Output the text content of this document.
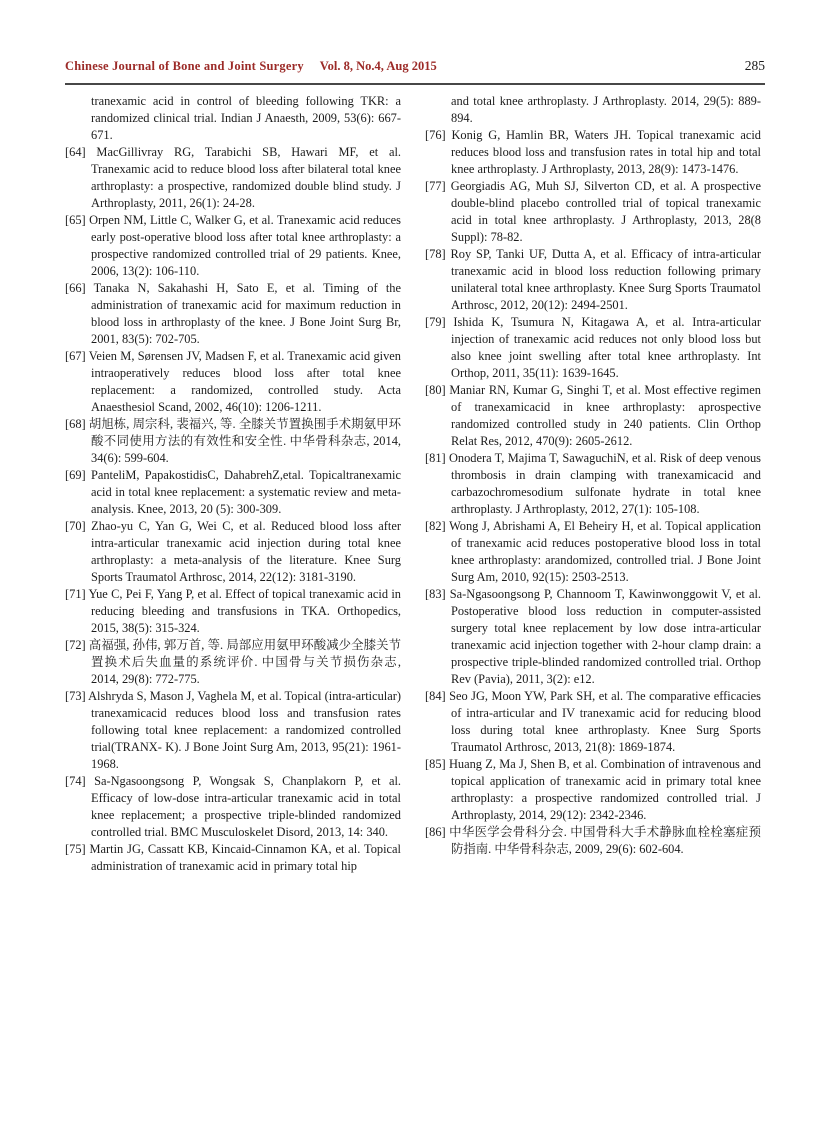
Chinese Journal of Bone and Joint Surgery Vol. 8, No.4, Aug 2015	285
tranexamic acid in control of bleeding following TKR: a randomized clinical trial. Indian J Anaesth, 2009, 53(6): 667-671.
[64] MacGillivray RG, Tarabichi SB, Hawari MF, et al. Tranexamic acid to reduce blood loss after bilateral total knee arthroplasty: a prospective, randomized double blind study. J Arthroplasty, 2011, 26(1): 24-28.
[65] Orpen NM, Little C, Walker G, et al. Tranexamic acid reduces early post-operative blood loss after total knee arthroplasty: a prospective randomized controlled trial of 29 patients. Knee, 2006, 13(2): 106-110.
[66] Tanaka N, Sakahashi H, Sato E, et al. Timing of the administration of tranexamic acid for maximum reduction in blood loss in arthroplasty of the knee. J Bone Joint Surg Br, 2001, 83(5): 702-705.
[67] Veien M, Sørensen JV, Madsen F, et al. Tranexamic acid given intraoperatively reduces blood loss after total knee replacement: a randomized, controlled study. Acta Anaesthesiol Scand, 2002, 46(10): 1206-1211.
[68] 胡旭栋, 周宗科, 裴福兴, 等. 全膝关节置换围手术期氨甲环酸不同使用方法的有效性和安全性. 中华骨科杂志, 2014, 34(6): 599-604.
[69] PanteliM, PapakostidisC, DahabrehZ,etal. Topicaltranexamic acid in total knee replacement: a systematic review and meta-analysis. Knee, 2013, 20 (5): 300-309.
[70] Zhao-yu C, Yan G, Wei C, et al. Reduced blood loss after intra-articular tranexamic acid injection during total knee arthroplasty: a meta-analysis of the literature. Knee Surg Sports Traumatol Arthrosc, 2014, 22(12): 3181-3190.
[71] Yue C, Pei F, Yang P, et al. Effect of topical tranexamic acid in reducing bleeding and transfusions in TKA. Orthopedics, 2015, 38(5): 315-324.
[72] 高福强, 孙伟, 郭万首, 等. 局部应用氨甲环酸减少全膝关节置换术后失血量的系统评价. 中国骨与关节损伤杂志, 2014, 29(8): 772-775.
[73] Alshryda S, Mason J, Vaghela M, et al. Topical (intra-articular) tranexamicacid reduces blood loss and transfusion rates following total knee replacement: a randomized controlled trial(TRANX- K). J Bone Joint Surg Am, 2013, 95(21): 1961-1968.
[74] Sa-Ngasoongsong P, Wongsak S, Chanplakorn P, et al. Efficacy of low-dose intra-articular tranexamic acid in total knee replacement; a prospective triple-blinded randomized controlled trial. BMC Musculoskelet Disord, 2013, 14: 340.
[75] Martin JG, Cassatt KB, Kincaid-Cinnamon KA, et al. Topical administration of tranexamic acid in primary total hip
and total knee arthroplasty. J Arthroplasty. 2014, 29(5): 889-894.
[76] Konig G, Hamlin BR, Waters JH. Topical tranexamic acid reduces blood loss and transfusion rates in total hip and total knee arthroplasty. J Arthroplasty, 2013, 28(9): 1473-1476.
[77] Georgiadis AG, Muh SJ, Silverton CD, et al. A prospective double-blind placebo controlled trial of topical tranexamic acid in total knee arthroplasty. J Arthroplasty, 2013, 28(8 Suppl): 78-82.
[78] Roy SP, Tanki UF, Dutta A, et al. Efficacy of intra-articular tranexamic acid in blood loss reduction following primary unilateral total knee arthroplasty. Knee Surg Sports Traumatol Arthrosc, 2012, 20(12): 2494-2501.
[79] Ishida K, Tsumura N, Kitagawa A, et al. Intra-articular injection of tranexamic acid reduces not only blood loss but also knee joint swelling after total knee arthroplasty. Int Orthop, 2011, 35(11): 1639-1645.
[80] Maniar RN, Kumar G, Singhi T, et al. Most effective regimen of tranexamicacid in knee arthroplasty: aprospective randomized controlled study in 240 patients. Clin Orthop Relat Res, 2012, 470(9): 2605-2612.
[81] Onodera T, Majima T, SawaguchiN, et al. Risk of deep venous thrombosis in drain clamping with tranexamicacid and carbazochromesodium sulfonate hydrate in total knee arthroplasty. J Arthroplasty, 2012, 27(1): 105-108.
[82] Wong J, Abrishami A, El Beheiry H, et al. Topical application of tranexamic acid reduces postoperative blood loss in total knee arthroplasty: arandomized, controlled trial. J Bone Joint Surg Am, 2010, 92(15): 2503-2513.
[83] Sa-Ngasoongsong P, Channoom T, Kawinwonggowit V, et al. Postoperative blood loss reduction in computer-assisted surgery total knee replacement by low dose intra-articular tranexamic acid injection together with 2-hour clamp drain: a prospective triple-blinded randomized controlled trial. Orthop Rev (Pavia), 2011, 3(2): e12.
[84] Seo JG, Moon YW, Park SH, et al. The comparative efficacies of intra-articular and IV tranexamic acid for reducing blood loss during total knee arthroplasty. Knee Surg Sports Traumatol Arthrosc, 2013, 21(8): 1869-1874.
[85] Huang Z, Ma J, Shen B, et al. Combination of intravenous and topical application of tranexamic acid in primary total knee arthroplasty: a prospective randomized controlled trial. J Arthroplasty, 2014, 29(12): 2342-2346.
[86] 中华医学会骨科分会. 中国骨科大手术静脉血栓栓塞症预防指南. 中华骨科杂志, 2009, 29(6): 602-604.
